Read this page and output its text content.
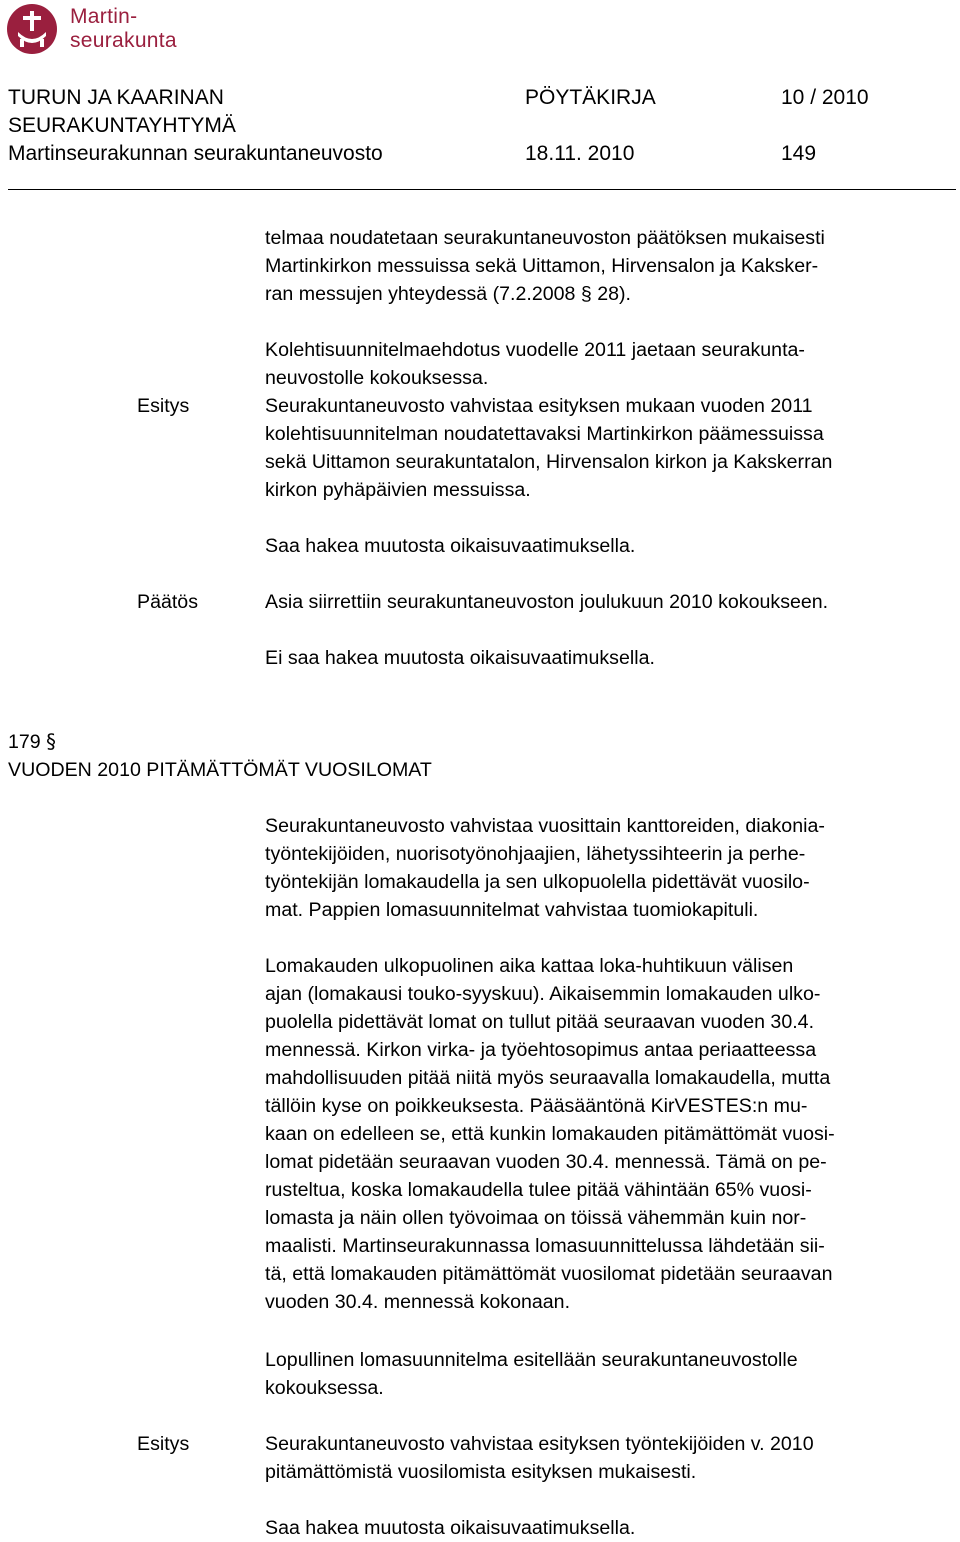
Martin-
seurakunta
TURUN JA KAARINAN
SEURAKUNTAYHTYMÄ
Martinseurakunnan seurakuntaneuvosto
PÖYTÄKIRJA	10 / 2010
18.11. 2010	149
telmaa noudatetaan seurakuntaneuvoston päätöksen mukaisesti
Martinkirkon messuissa sekä Uittamon, Hirvensalon ja Kaksker-
ran messujen yhteydessä (7.2.2008 § 28).
Kolehtisuunnitelmaehdotus vuodelle 2011 jaetaan seurakunta-
neuvostolle kokouksessa.
Esitys	Seurakuntaneuvosto vahvistaa esityksen mukaan vuoden 2011
kolehtisuunnitelman noudatettavaksi Martinkirkon päämessuissa
sekä Uittamon seurakuntatalon, Hirvensalon kirkon ja Kakskerran
kirkon pyhäpäivien messuissa.
Saa hakea muutosta oikaisuvaatimuksella.
Päätös	Asia siirrettiin seurakuntaneuvoston joulukuun 2010 kokoukseen.
Ei saa hakea muutosta oikaisuvaatimuksella.
179 §
VUODEN 2010 PITÄMÄTTÖMÄT VUOSILOMAT
Seurakuntaneuvosto vahvistaa vuosittain kanttoreiden, diakonia-
työntekijöiden, nuorisotyönohjaajien, lähetyssihteerin ja perhe-
työntekijän lomakaudella ja sen ulkopuolella pidettävät vuosilo-
mat. Pappien lomasuunnitelmat vahvistaa tuomiokapituli.
Lomakauden ulkopuolinen aika kattaa loka-huhtikuun välisen
ajan (lomakausi touko-syyskuu). Aikaisemmin lomakauden ulko-
puolella pidettävät lomat on tullut pitää seuraavan vuoden 30.4.
mennessä. Kirkon virka- ja työehtosopimus antaa periaatteessa
mahdollisuuden pitää niitä myös seuraavalla lomakaudella, mutta
tällöin kyse on poikkeuksesta. Pääsääntönä KirVESTES:n mu-
kaan on edelleen se, että kunkin lomakauden pitämättömät vuosi-
lomat pidetään seuraavan vuoden 30.4. mennessä. Tämä on pe-
rusteltua, koska lomakaudella tulee pitää vähintään 65% vuosi-
lomasta ja näin ollen työvoimaa on töissä vähemmän kuin nor-
maalisti. Martinseurakunnassa lomasuunnittelussa lähdetään sii-
tä, että lomakauden pitämättömät vuosilomat pidetään seuraavan
vuoden 30.4. mennessä kokonaan.
Lopullinen lomasuunnitelma esitellään seurakuntaneuvostolle
kokouksessa.
Esitys	Seurakuntaneuvosto vahvistaa esityksen työntekijöiden v. 2010
pitämättömistä vuosilomista esityksen mukaisesti.
Saa hakea muutosta oikaisuvaatimuksella.
